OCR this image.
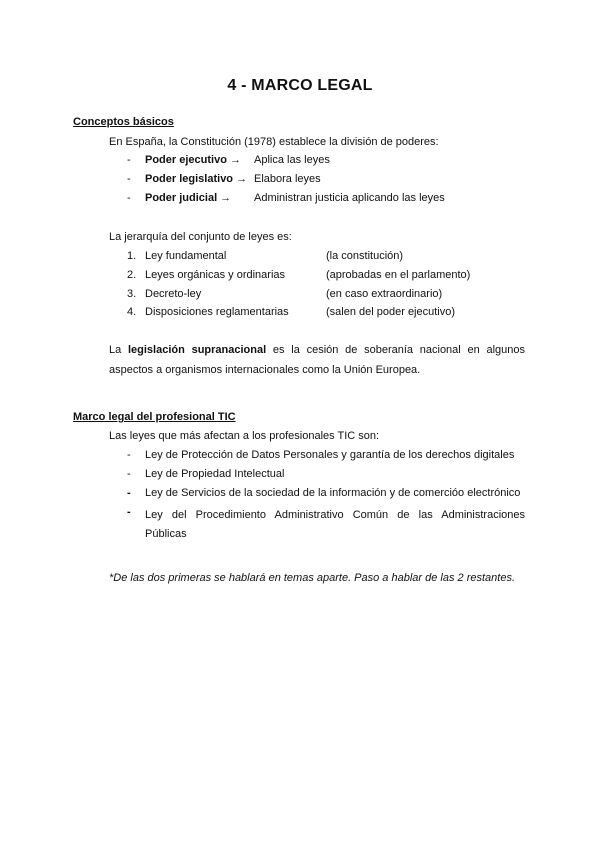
4 - MARCO LEGAL
Conceptos básicos
En España, la Constitución (1978) establece la división de poderes:
- Poder ejecutivo → Aplica las leyes
- Poder legislativo → Elabora leyes
- Poder judicial → Administran justicia aplicando las leyes
La jerarquía del conjunto de leyes es:
1. Ley fundamental	(la constitución)
2. Leyes orgánicas y ordinarias	(aprobadas en el parlamento)
3. Decreto-ley	(en caso extraordinario)
4. Disposiciones reglamentarias	(salen del poder ejecutivo)
La legislación supranacional es la cesión de soberanía nacional en algunos aspectos a organismos internacionales como la Unión Europea.
Marco legal del profesional TIC
Las leyes que más afectan a los profesionales TIC son:
- Ley de Protección de Datos Personales y garantía de los derechos digitales
- Ley de Propiedad Intelectual
- Ley de Servicios de la sociedad de la información y de comercióo electrónico
- Ley del Procedimiento Administrativo Común de las Administraciones Públicas
*De las dos primeras se hablará en temas aparte. Paso a hablar de las 2 restantes.
